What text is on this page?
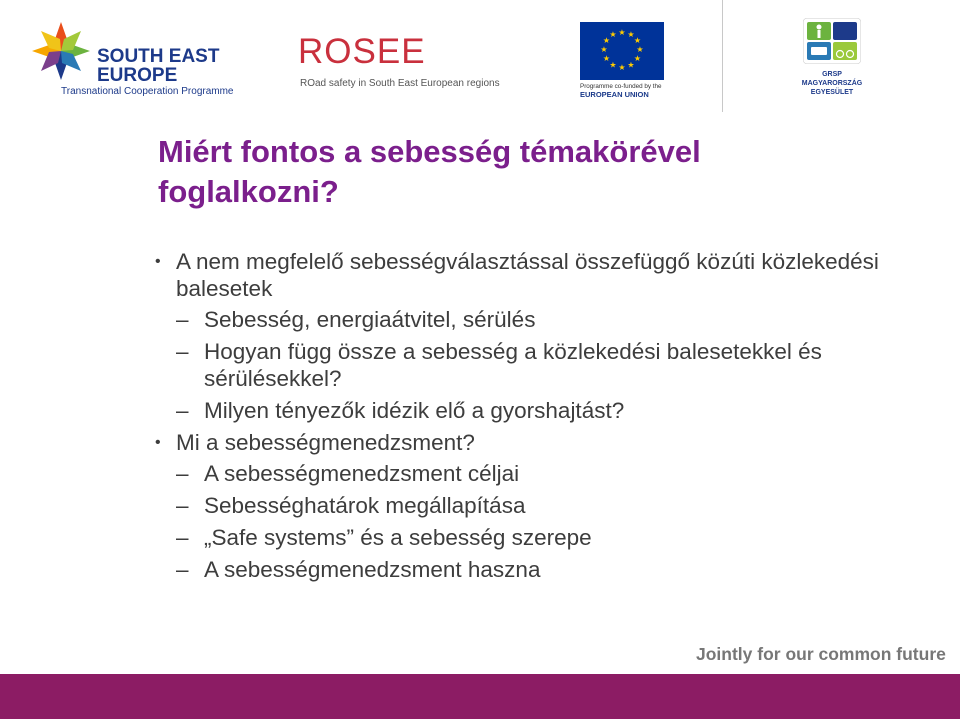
SOUTH EAST
EUROPE
Transnational Cooperation Programme
ROSEE
ROad safety in South East European regions
★ ★
★
★
★
★
★
★
★
★
★
★
Programme co-funded by the
EUROPEAN UNION
GRSP
MAGYARORSZÁG
EGYESÜLET
Miért fontos a sebesség témakörével foglalkozni?
• A nem megfelelő sebességválasztással összefüggő közúti közlekedési balesetek
– Sebesség, energiaátvitel, sérülés
– Hogyan függ össze a sebesség a közlekedési balesetekkel és sérülésekkel?
– Milyen tényezők idézik elő a gyorshajtást?
• Mi a sebességmenedzsment?
– A sebességmenedzsment céljai
– Sebességhatárok megállapítása
– „Safe systems” és a sebesség szerepe
– A sebességmenedzsment haszna
Jointly for our common future
